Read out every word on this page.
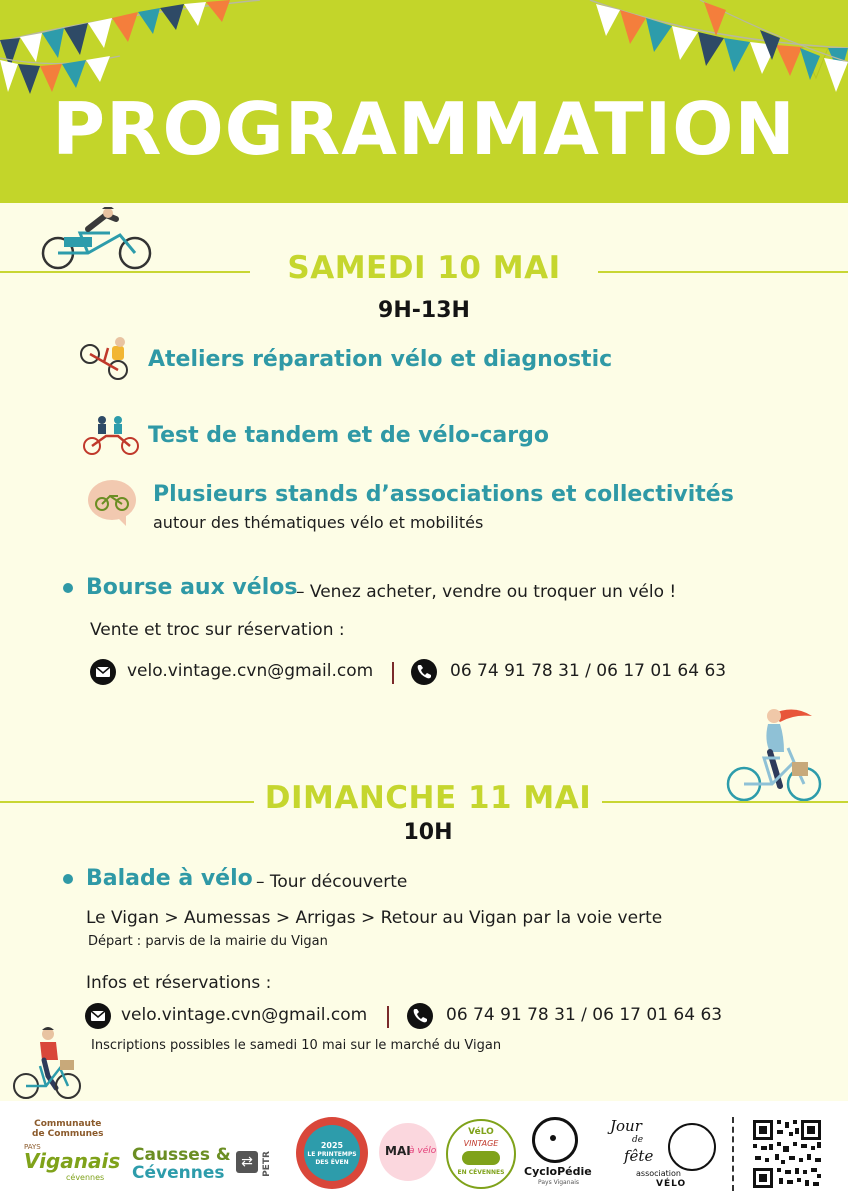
PROGRAMMATION
SAMEDI 10 MAI
9H-13H
Ateliers réparation vélo et diagnostic
Test de tandem et de vélo-cargo
Plusieurs stands d’associations et collectivités
autour des thématiques vélo et mobilités
Bourse aux vélos
– Venez acheter, vendre ou troquer un vélo !
Vente et troc sur réservation :
velo.vintage.cvn@gmail.com	06 74 91 78 31 / 06 17 01 64 63
DIMANCHE 11 MAI
10H
Balade à vélo – Tour découverte
Le Vigan > Aumessas > Arrigas > Retour au Vigan par la voie verte
Départ : parvis de la mairie du Vigan
Infos et réservations :
velo.vintage.cvn@gmail.com	06 74 91 78 31 / 06 17 01 64 63
Inscriptions possibles le samedi 10 mai sur le marché du Vigan
Communaute
de Communes
PAYS
Viganais
cévennes
Causses &
Cévennes
⇄	PETR
2025
LE PRINTEMPS
DES ÉVEN
MAI
à vélo
VéLO
VINTAGE
EN CÉVENNES	CycloPédie
Pays Viganais
Jour
de
fête
association
VÉLO
